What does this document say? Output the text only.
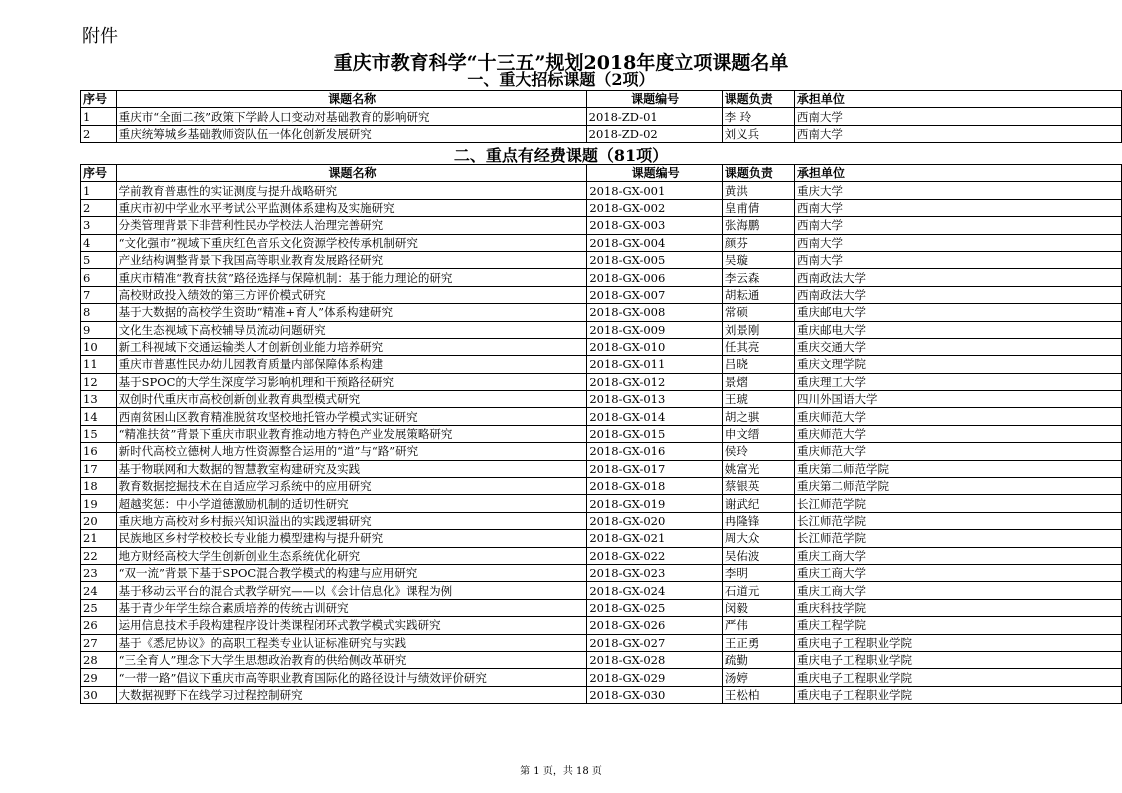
附件
重庆市教育科学“十三五”规划2018年度立项课题名单
一、重大招标课题（2项）
序号	课题名称	课题编号	课题负责	承担单位
1	重庆市“全面二孩”政策下学龄人口变动对基础教育的影响研究	2018-ZD-01	李 玲	西南大学
2	重庆统筹城乡基础教师资队伍一体化创新发展研究	2018-ZD-02	刘义兵	西南大学
二、重点有经费课题（81项）
序号	课题名称	课题编号	课题负责	承担单位
1	学前教育普惠性的实证测度与提升战略研究	2018-GX-001	黄洪	重庆大学
2	重庆市初中学业水平考试公平监测体系建构及实施研究	2018-GX-002	皇甫倩	西南大学
3	分类管理背景下非营利性民办学校法人治理完善研究	2018-GX-003	张海鹏	西南大学
4	“文化强市”视域下重庆红色音乐文化资源学校传承机制研究	2018-GX-004	颜芬	西南大学
5	产业结构调整背景下我国高等职业教育发展路径研究	2018-GX-005	吴璇	西南大学
6	重庆市精准“教育扶贫”路径选择与保障机制：基于能力理论的研究	2018-GX-006	李云森	西南政法大学
7	高校财政投入绩效的第三方评价模式研究	2018-GX-007	胡耘通	西南政法大学
8	基于大数据的高校学生资助“精准+育人”体系构建研究	2018-GX-008	常硕	重庆邮电大学
9	文化生态视域下高校辅导员流动问题研究	2018-GX-009	刘景刚	重庆邮电大学
10	新工科视域下交通运输类人才创新创业能力培养研究	2018-GX-010	任其亮	重庆交通大学
11	重庆市普惠性民办幼儿园教育质量内部保障体系构建	2018-GX-011	吕晓	重庆文理学院
12	基于SPOC的大学生深度学习影响机理和干预路径研究	2018-GX-012	景熠	重庆理工大学
13	双创时代重庆市高校创新创业教育典型模式研究	2018-GX-013	王琥	四川外国语大学
14	西南贫困山区教育精准脱贫攻坚校地托管办学模式实证研究	2018-GX-014	胡之骐	重庆师范大学
15	“精准扶贫”背景下重庆市职业教育推动地方特色产业发展策略研究	2018-GX-015	申文缙	重庆师范大学
16	新时代高校立德树人地方性资源整合运用的“道”与“路”研究	2018-GX-016	侯玲	重庆师范大学
17	基于物联网和大数据的智慧教室构建研究及实践	2018-GX-017	姚富光	重庆第二师范学院
18	教育数据挖掘技术在自适应学习系统中的应用研究	2018-GX-018	蔡银英	重庆第二师范学院
19	超越奖惩：中小学道德激励机制的适切性研究	2018-GX-019	谢武纪	长江师范学院
20	重庆地方高校对乡村振兴知识溢出的实践逻辑研究	2018-GX-020	冉隆锋	长江师范学院
21	民族地区乡村学校校长专业能力模型建构与提升研究	2018-GX-021	周大众	长江师范学院
22	地方财经高校大学生创新创业生态系统优化研究	2018-GX-022	吴佑波	重庆工商大学
23	“双一流”背景下基于SPOC混合教学模式的构建与应用研究	2018-GX-023	李明	重庆工商大学
24	基于移动云平台的混合式教学研究——以《会计信息化》课程为例	2018-GX-024	石道元	重庆工商大学
25	基于青少年学生综合素质培养的传统古训研究	2018-GX-025	闵毅	重庆科技学院
26	运用信息技术手段构建程序设计类课程闭环式教学模式实践研究	2018-GX-026	严伟	重庆工程学院
27	基于《悉尼协议》的高职工程类专业认证标准研究与实践	2018-GX-027	王正勇	重庆电子工程职业学院
28	“三全育人”理念下大学生思想政治教育的供给侧改革研究	2018-GX-028	疏勤	重庆电子工程职业学院
29	“一带一路”倡议下重庆市高等职业教育国际化的路径设计与绩效评价研究	2018-GX-029	汤婷	重庆电子工程职业学院
30	大数据视野下在线学习过程控制研究	2018-GX-030	王松柏	重庆电子工程职业学院
第 1 页，共 18 页
